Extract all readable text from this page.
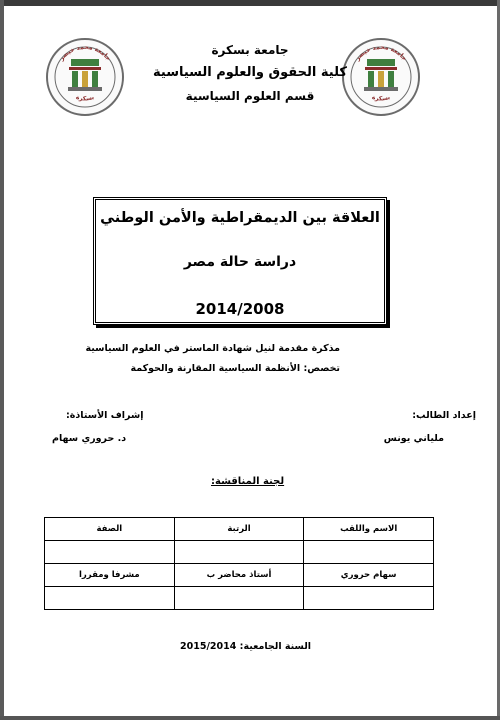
جامعة محمد خيضر
بسكرة
جامعة محمد خيضر
بسكرة
جامعة بسكرة
كلية الحقوق والعلوم السياسية
قسم العلوم السياسية
العلاقة بين الديمقراطية والأمن الوطني
دراسة حالة مصر
2014/2008
مذكرة مقدمة لنيل شهادة الماستر في العلوم السياسية
تخصص: الأنظمة السياسية المقارنة والحوكمة
إعداد الطالب:
ملياني يونس
إشراف الأستاذة:
د. حروري سهام
لجنة المناقشة:
الاسم واللقب	الرتبة	الصفة

سهام حروري	أستاذ محاضر ب	مشرفا ومقررا

السنة الجامعية: 2015/2014
